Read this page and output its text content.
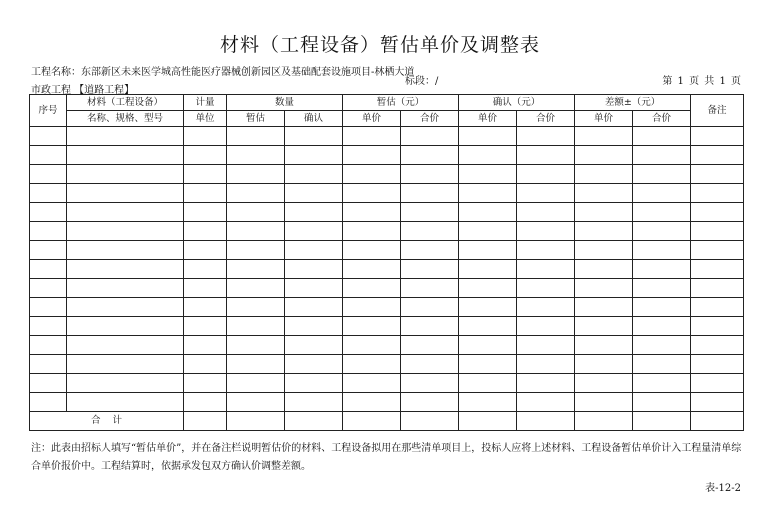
材料（工程设备）暂估单价及调整表
工程名称：东部新区未来医学城高性能医疗器械创新园区及基础配套设施项目-林栖大道
标段：/	第 1 页 共 1 页
市政工程 【道路工程】
序号	材料（工程设备）	计量	数量		暂估（元）		确认（元）		差额±（元）		备注
	名称、规格、型号	单位	暂估	确认	单价	合价	单价	合价	单价	合价	

合    计											
注：此表由招标人填写“暂估单价”，并在备注栏说明暂估价的材料、工程设备拟用在那些清单项目上，投标人应将上述材料、工程设备暂估单价计入工程量清单综合单价报价中。工程结算时，依据承发包双方确认价调整差额。
表-12-2
